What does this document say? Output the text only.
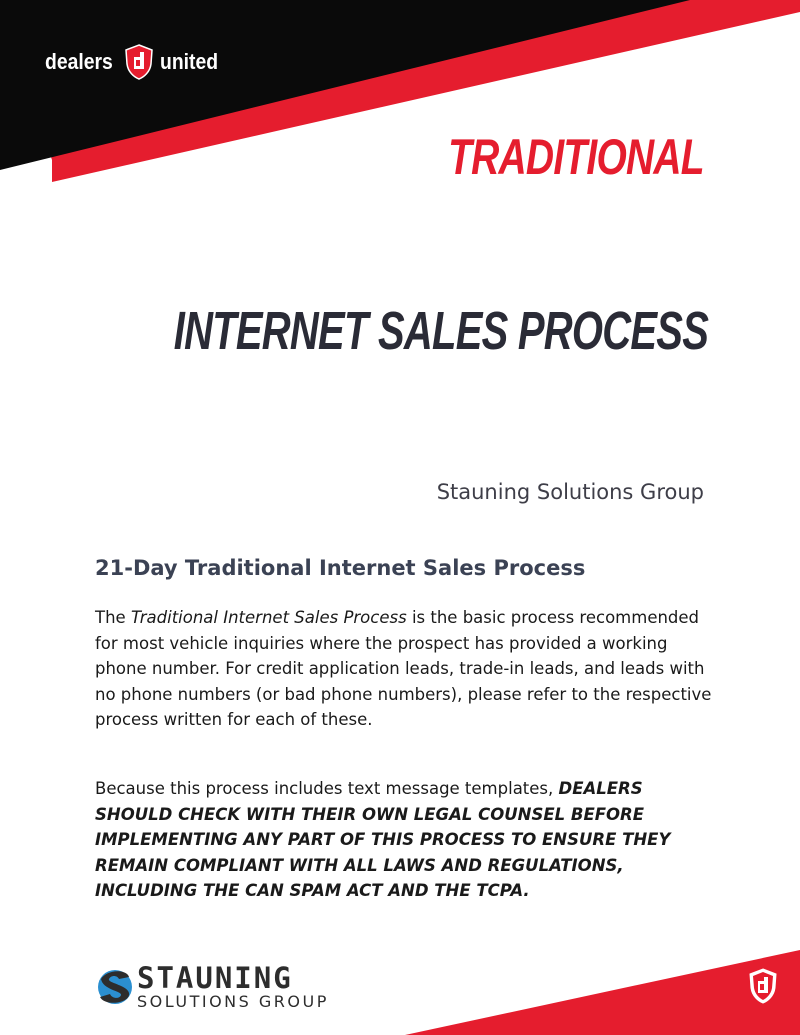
dealers united
TRADITIONAL
INTERNET SALES PROCESS
Stauning Solutions Group
21-Day Traditional Internet Sales Process

The Traditional Internet Sales Process is the basic process recommended for most vehicle inquiries where the prospect has provided a working phone number. For credit application leads, trade-in leads, and leads with no phone numbers (or bad phone numbers), please refer to the respective process written for each of these.

Because this process includes text message templates, DEALERS SHOULD CHECK WITH THEIR OWN LEGAL COUNSEL BEFORE IMPLEMENTING ANY PART OF THIS PROCESS TO ENSURE THEY REMAIN COMPLIANT WITH ALL LAWS AND REGULATIONS, INCLUDING THE CAN SPAM ACT AND THE TCPA.

STAUNING
SOLUTIONS GROUP
